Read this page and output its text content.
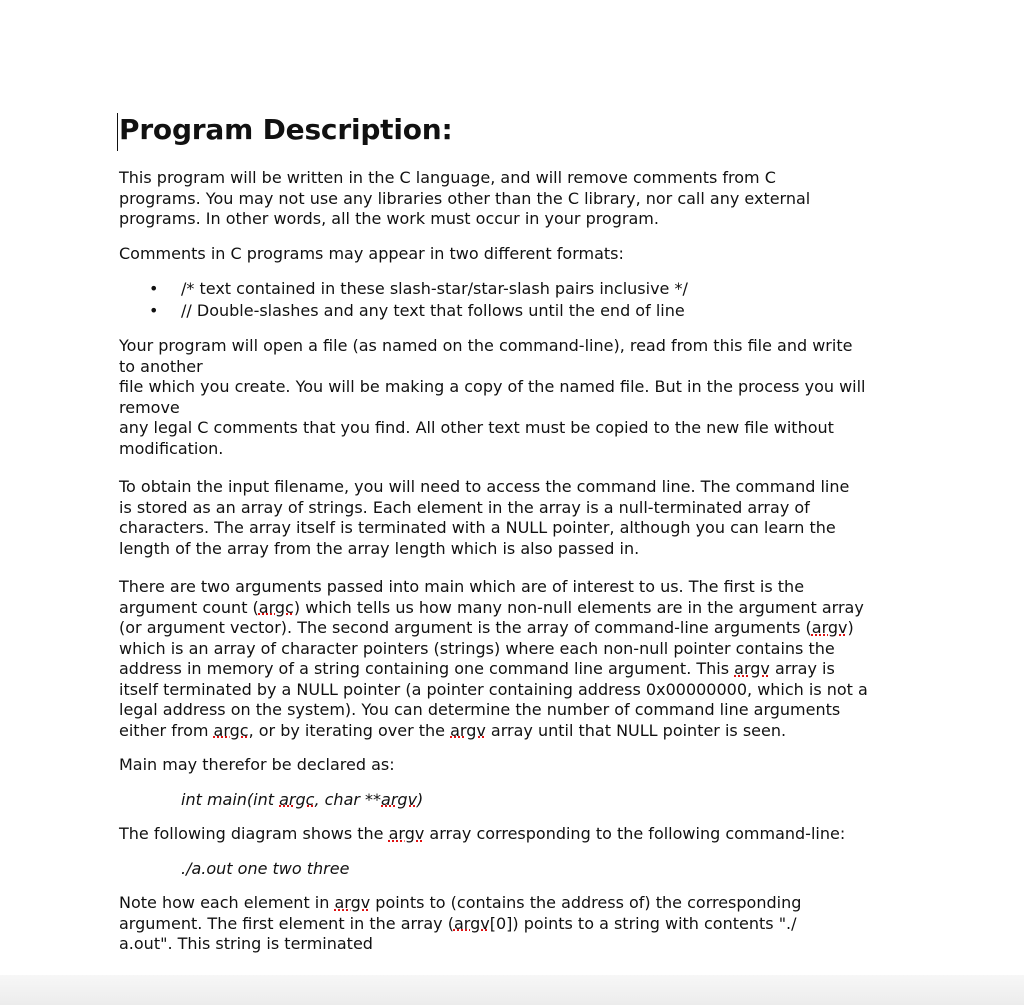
Program Description:

This program will be written in the C language, and will remove comments from C
programs. You may not use any libraries other than the C library, nor call any external
programs. In other words, all the work must occur in your program.

Comments in C programs may appear in two different formats:

• /* text contained in these slash-star/star-slash pairs inclusive */
• // Double-slashes and any text that follows until the end of line

Your program will open a file (as named on the command-line), read from this file and write
to another
file which you create. You will be making a copy of the named file. But in the process you will
remove
any legal C comments that you find. All other text must be copied to the new file without
modification.

To obtain the input filename, you will need to access the command line. The command line
is stored as an array of strings. Each element in the array is a null-terminated array of
characters. The array itself is terminated with a NULL pointer, although you can learn the
length of the array from the array length which is also passed in.

There are two arguments passed into main which are of interest to us. The first is the
argument count (argc) which tells us how many non-null elements are in the argument array
(or argument vector). The second argument is the array of command-line arguments (argv)
which is an array of character pointers (strings) where each non-null pointer contains the
address in memory of a string containing one command line argument. This argv array is
itself terminated by a NULL pointer (a pointer containing address 0x00000000, which is not a
legal address on the system). You can determine the number of command line arguments
either from argc, or by iterating over the argv array until that NULL pointer is seen.

Main may therefor be declared as:

int main(int argc, char **argv)

The following diagram shows the argv array corresponding to the following command-line:

./a.out one two three

Note how each element in argv points to (contains the address of) the corresponding
argument. The first element in the array (argv[0]) points to a string with contents "./
a.out". This string is terminated
